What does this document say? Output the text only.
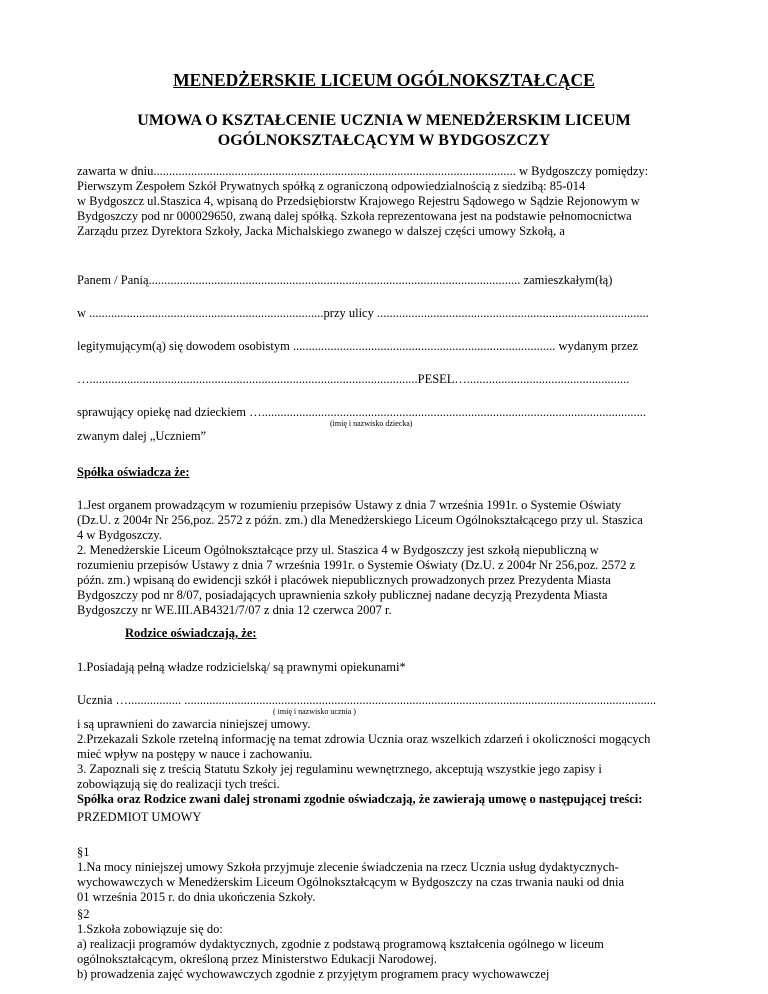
MENEDŻERSKIE LICEUM OGÓLNOKSZTAŁCĄCE
UMOWA O KSZTAŁCENIE UCZNIA W MENEDŻERSKIM LICEUM
OGÓLNOKSZTAŁCĄCYM W BYDGOSZCZY
zawarta w dniu.................................................................................................................... w Bydgoszczy pomiędzy:
Pierwszym Zespołem Szkół Prywatnych spółką z ograniczoną odpowiedzialnością z siedzibą: 85-014
w Bydgoszcz ul.Staszica 4, wpisaną do Przedsiębiorstw Krajowego Rejestru Sądowego w Sądzie Rejonowym w
Bydgoszczy pod nr 000029650, zwaną dalej spółką. Szkoła reprezentowana jest na podstawie pełnomocnictwa
Zarządu przez Dyrektora Szkoły, Jacka Michalskiego zwanego w dalszej części umowy Szkołą, a
Panem / Panią....................................................................................................................... zamieszkałym(łą)
w ...........................................................................przy ulicy .......................................................................................
legitymującym(ą) się dowodem osobistym .................................................................................... wydanym przez
….........................................................................................................PESEL…....................................................
sprawujący opiekę nad dzieckiem …...........................................................................................................................
(imię i nazwisko dziecka)
zwanym dalej „Uczniem”
Spółka oświadcza że:
1.Jest organem prowadzącym w rozumieniu przepisów Ustawy z dnia 7 września 1991r. o Systemie Oświaty
(Dz.U. z 2004r Nr 256,poz. 2572 z późn. zm.) dla Menedżerskiego Liceum Ogólnokształcącego przy ul. Staszica
4 w Bydgoszczy.
2. Menedżerskie Liceum Ogólnokształcące przy ul. Staszica 4 w Bydgoszczy jest szkołą niepubliczną w
rozumieniu przepisów Ustawy z dnia 7 września 1991r. o Systemie Oświaty (Dz.U. z 2004r Nr 256,poz. 2572 z
późn. zm.) wpisaną do ewidencji szkół i placówek niepublicznych prowadzonych przez Prezydenta Miasta
Bydgoszczy pod nr 8/07, posiadających uprawnienia szkoły publicznej nadane decyzją Prezydenta Miasta
Bydgoszczy nr WE.III.AB4321/7/07 z dnia 12 czerwca 2007 r.
Rodzice oświadczają, że:
1.Posiadają pełną władze rodzicielską/ są prawnymi opiekunami*
Ucznia …................. .......................................................................................................................................................
( imię i nazwisko ucznia )
i są uprawnieni do zawarcia niniejszej umowy.
2.Przekazali Szkole rzetelną informację na temat zdrowia Ucznia oraz wszelkich zdarzeń i okoliczności mogących
mieć wpływ na postępy w nauce i zachowaniu.
3. Zapoznali się z treścią Statutu Szkoły jej regulaminu wewnętrznego, akceptują wszystkie jego zapisy i
zobowiązują się do realizacji tych treści.
Spółka oraz Rodzice zwani dalej stronami zgodnie oświadczają, że zawierają umowę o następującej treści:
PRZEDMIOT UMOWY
§1
1.Na mocy niniejszej umowy Szkoła przyjmuje zlecenie świadczenia na rzecz Ucznia usług dydaktycznych-
wychowawczych w Menedżerskim Liceum Ogólnokształcącym w Bydgoszczy na czas trwania nauki od dnia
01 września 2015 r. do dnia ukończenia Szkoły.
§2
1.Szkoła zobowiązuje się do:
a) realizacji programów dydaktycznych, zgodnie z podstawą programową kształcenia ogólnego w liceum
ogólnokształcącym, określoną przez Ministerstwo Edukacji Narodowej.
b) prowadzenia zajęć wychowawczych zgodnie z przyjętym programem pracy wychowawczej
